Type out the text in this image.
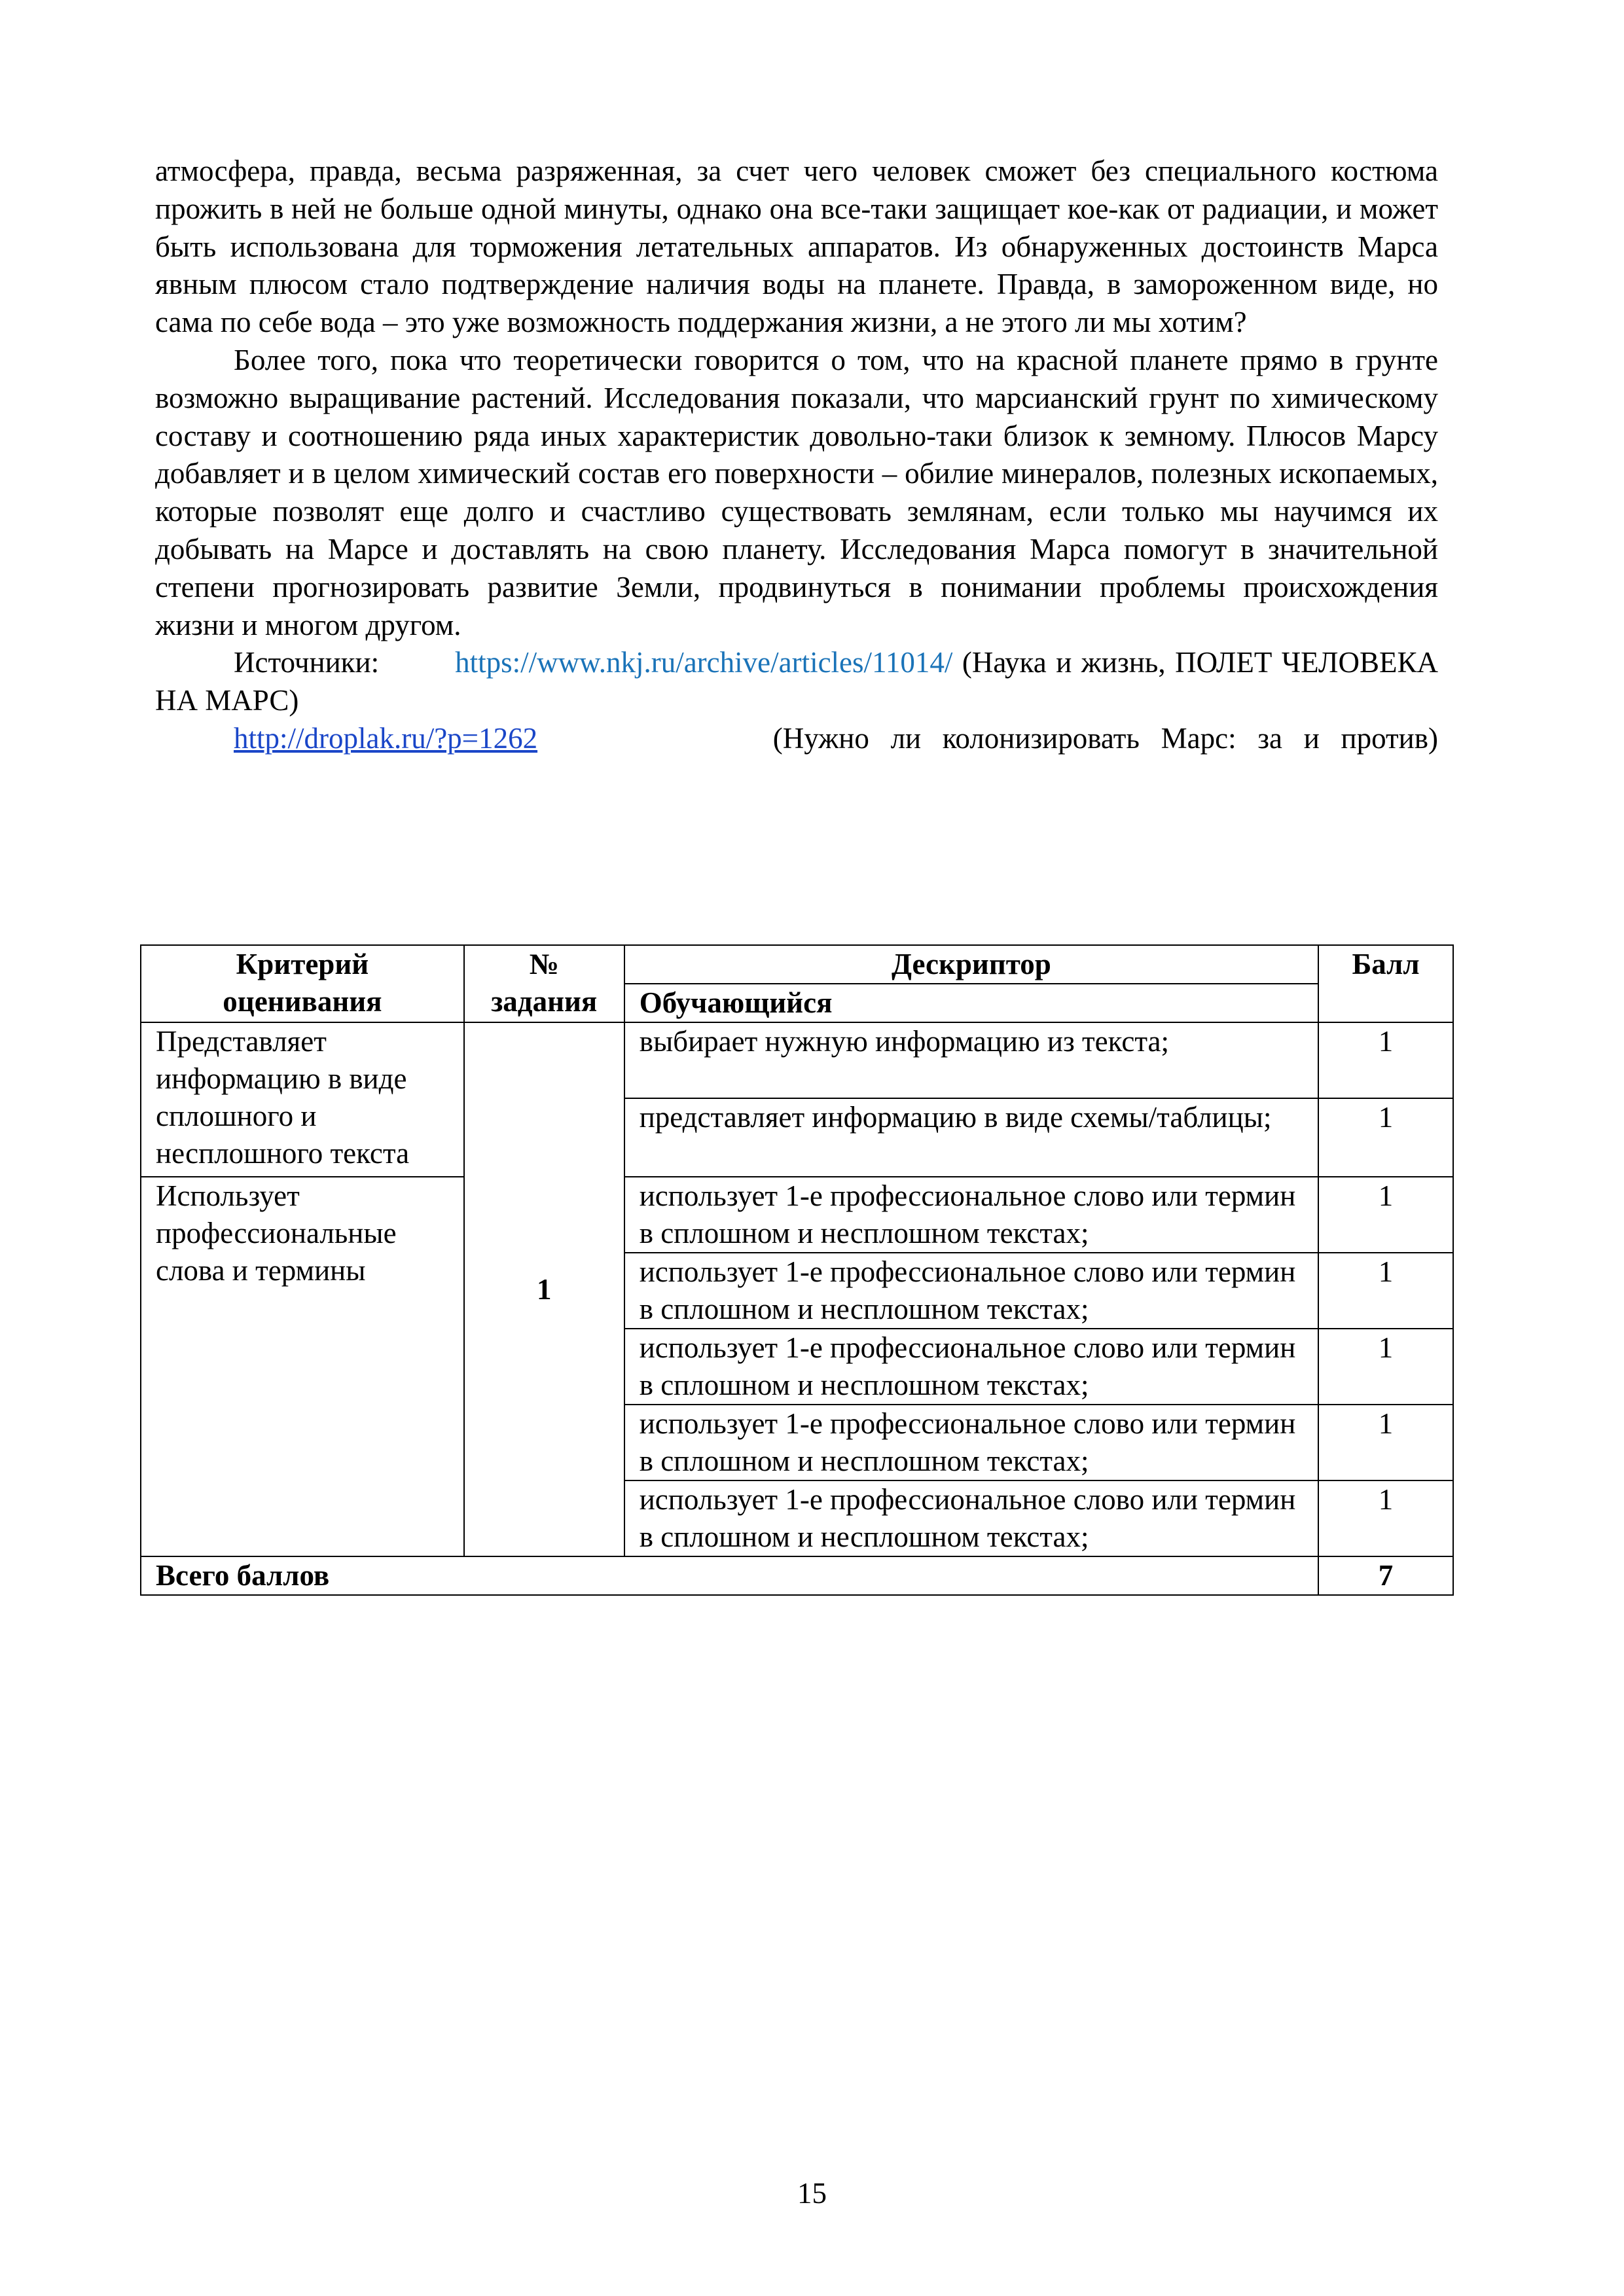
атмосфера, правда, весьма разряженная, за счет чего человек сможет без специального костюма прожить в ней не больше одной минуты, однако она все-таки защищает кое-как от радиации, и может быть использована для торможения летательных аппаратов. Из обнаруженных достоинств Марса явным плюсом стало подтверждение наличия воды на планете. Правда, в замороженном виде, но сама по себе вода – это уже возможность поддержания жизни, а не этого ли мы хотим?

Более того, пока что теоретически говорится о том, что на красной планете прямо в грунте возможно выращивание растений. Исследования показали, что марсианский грунт по химическому составу и соотношению ряда иных характеристик довольно-таки близок к земному. Плюсов Марсу добавляет и в целом химический состав его поверхности – обилие минералов, полезных ископаемых, которые позволят еще долго и счастливо существовать землянам, если только мы научимся их добывать на Марсе и доставлять на свою планету. Исследования Марса помогут в значительной степени прогнозировать развитие Земли, продвинуться в понимании проблемы происхождения жизни и многом другом.

Источники:	https://www.nkj.ru/archive/articles/11014/ (Наука и жизнь, ПОЛЕТ ЧЕЛОВЕКА НА МАРС)

http://droplak.ru/?p=1262	(Нужно ли колонизировать Марс: за и против)

Критерий оценивания	№ задания	Дескриптор	Балл
		Обучающийся	
Представляет информацию в виде сплошного и несплошного текста	1	выбирает нужную информацию из текста;	1
		представляет информацию в виде схемы/таблицы;	1
Использует профессиональные слова и термины		использует 1-е профессиональное слово или термин в сплошном и несплошном текстах;	1
		использует 1-е профессиональное слово или термин в сплошном и несплошном текстах;	1
		использует 1-е профессиональное слово или термин в сплошном и несплошном текстах;	1
		использует 1-е профессиональное слово или термин в сплошном и несплошном текстах;	1
		использует 1-е профессиональное слово или термин в сплошном и несплошном текстах;	1
Всего баллов			7
15
